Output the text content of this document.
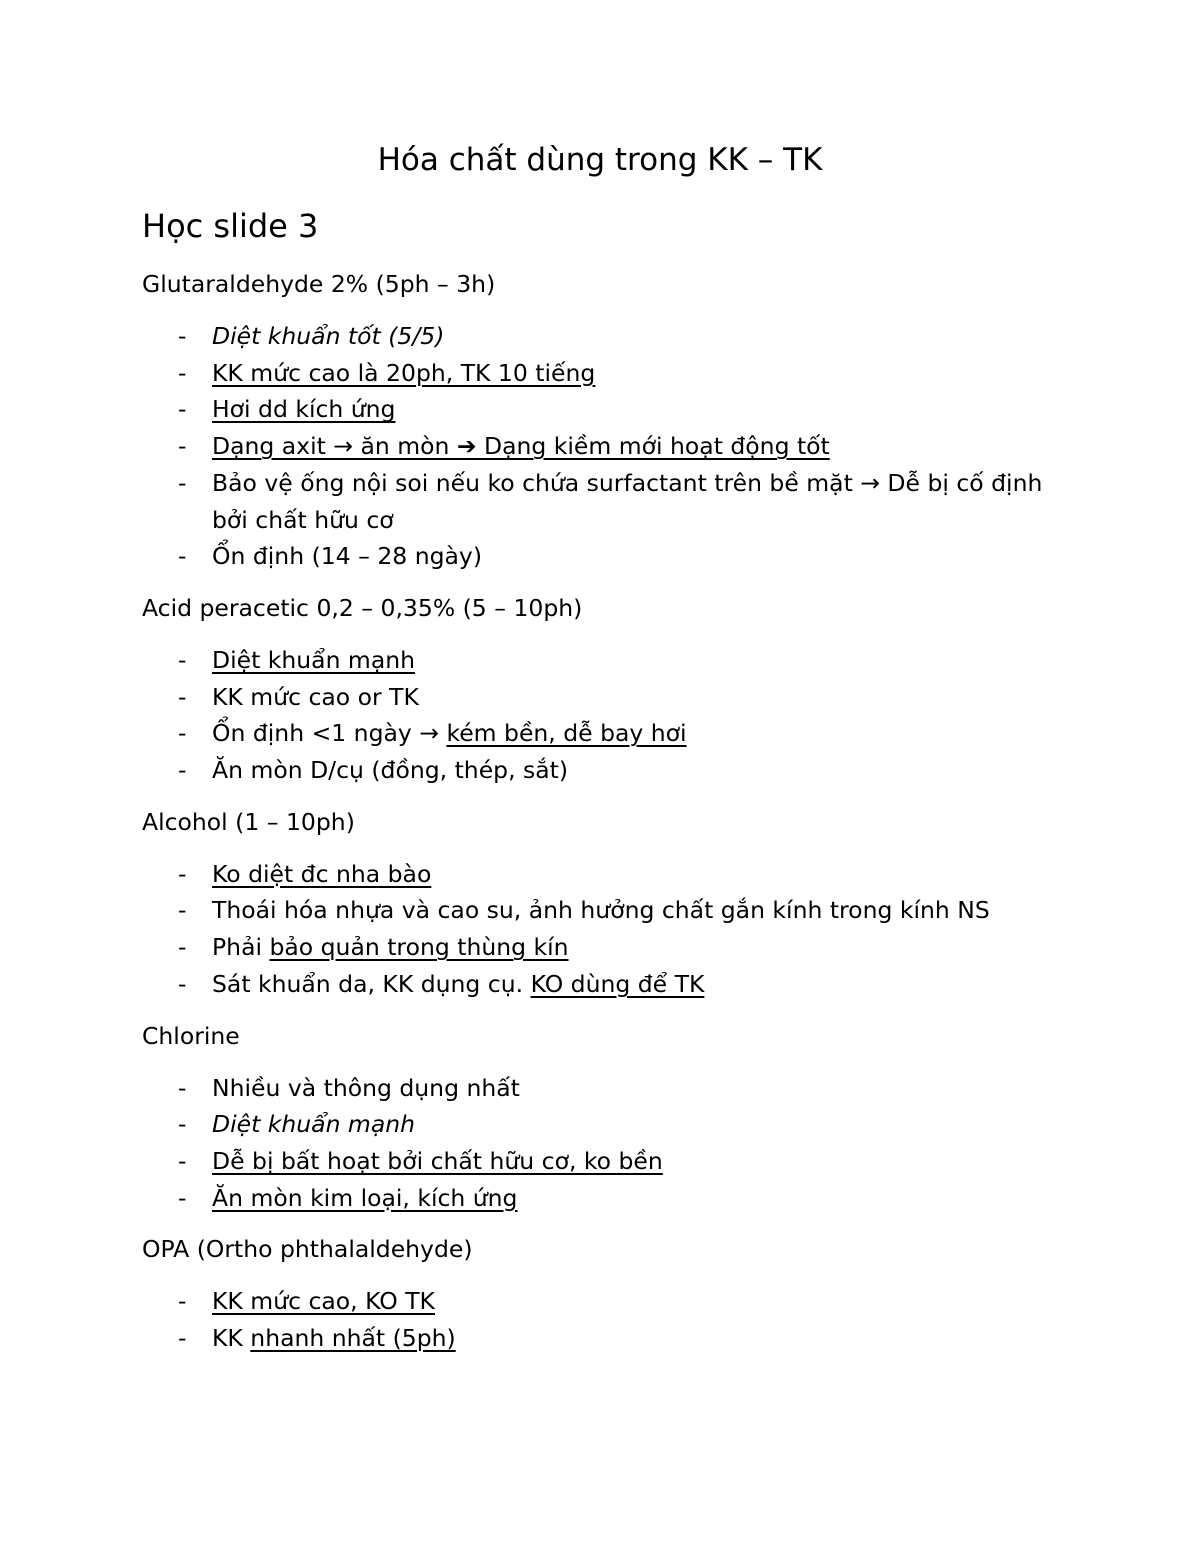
Hóa chất dùng trong KK – TK
Học slide 3
Glutaraldehyde 2% (5ph – 3h)
- Diệt khuẩn tốt (5/5)
- KK mức cao là 20ph, TK 10 tiếng
- Hơi dd kích ứng
- Dạng axit → ăn mòn ➔ Dạng kiềm mới hoạt động tốt
- Bảo vệ ống nội soi nếu ko chứa surfactant trên bề mặt → Dễ bị cố định bởi chất hữu cơ
- Ổn định (14 – 28 ngày)
Acid peracetic 0,2 – 0,35% (5 – 10ph)
- Diệt khuẩn mạnh
- KK mức cao or TK
- Ổn định <1 ngày → kém bền, dễ bay hơi
- Ăn mòn D/cụ (đồng, thép, sắt)
Alcohol (1 – 10ph)
- Ko diệt đc nha bào
- Thoái hóa nhựa và cao su, ảnh hưởng chất gắn kính trong kính NS
- Phải bảo quản trong thùng kín
- Sát khuẩn da, KK dụng cụ. KO dùng để TK
Chlorine
- Nhiều và thông dụng nhất
- Diệt khuẩn mạnh
- Dễ bị bất hoạt bởi chất hữu cơ, ko bền
- Ăn mòn kim loại, kích ứng
OPA (Ortho phthalaldehyde)
- KK mức cao, KO TK
- KK nhanh nhất (5ph)
